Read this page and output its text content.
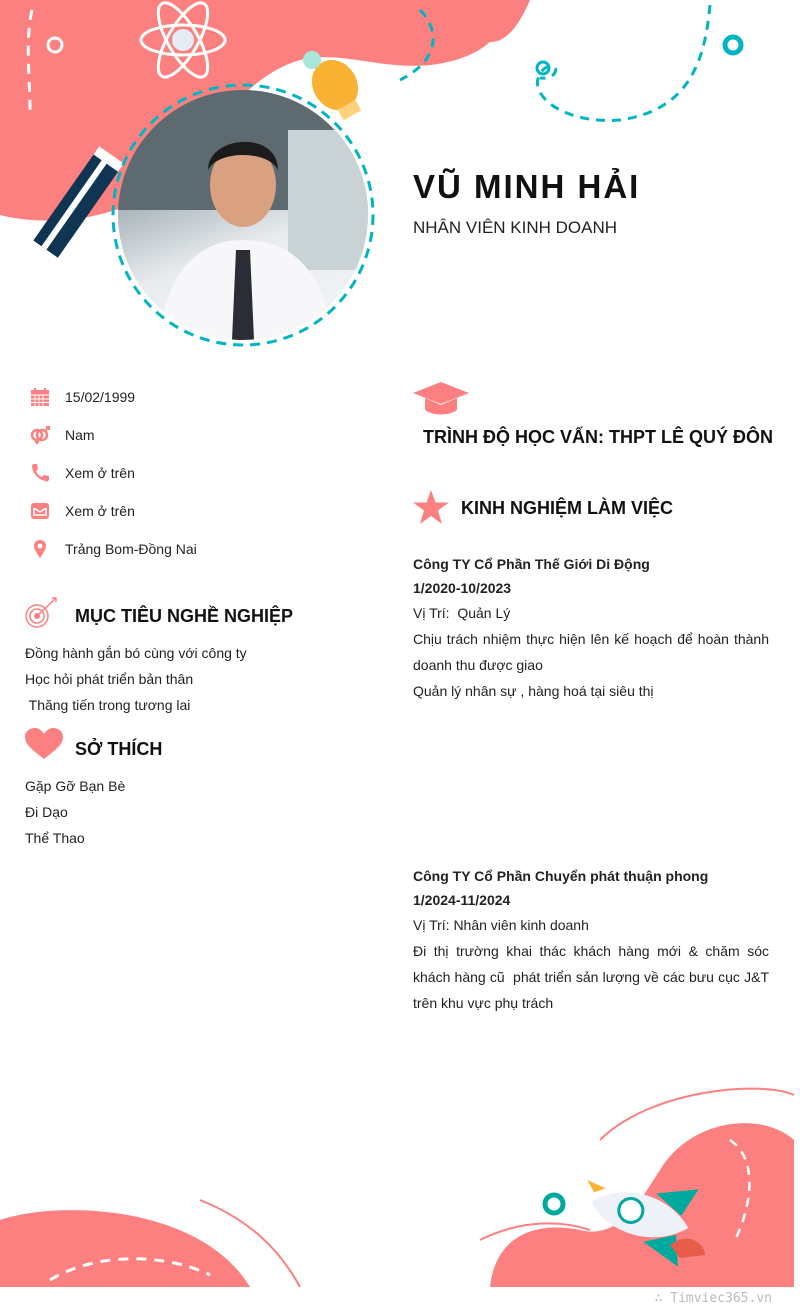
VŨ MINH HẢI
NHÂN VIÊN KINH DOANH
15/02/1999
Nam
Xem ở trên
Xem ở trên
Trảng Bom-Đồng Nai
MỤC TIÊU NGHỀ NGHIỆP
Đồng hành gắn bó cùng với công ty
Học hỏi phát triển bản thân
Thăng tiến trong tương lai
SỞ THÍCH
Gặp Gỡ Bạn Bè
Đi Dạo
Thể Thao
TRÌNH ĐỘ HỌC VẤN: THPT LÊ QUÝ ĐÔN
KINH NGHIỆM LÀM VIỆC
Công TY Cổ Phần Thế Giới Di Động
1/2020-10/2023
Vị Trí:  Quản Lý
Chịu trách nhiệm thực hiện lên kế hoạch để hoàn thành doanh thu được giao
Quản lý nhân sự , hàng hoá tại siêu thị
Công TY Cổ Phần Chuyển phát thuận phong
1/2024-11/2024
Vị Trí: Nhân viên kinh doanh
Đi thị trường khai thác khách hàng mới & chăm sóc khách hàng cũ  phát triển sản lượng về các bưu cục J&T trên khu vực phụ trách
∴ Timviec365.vn
